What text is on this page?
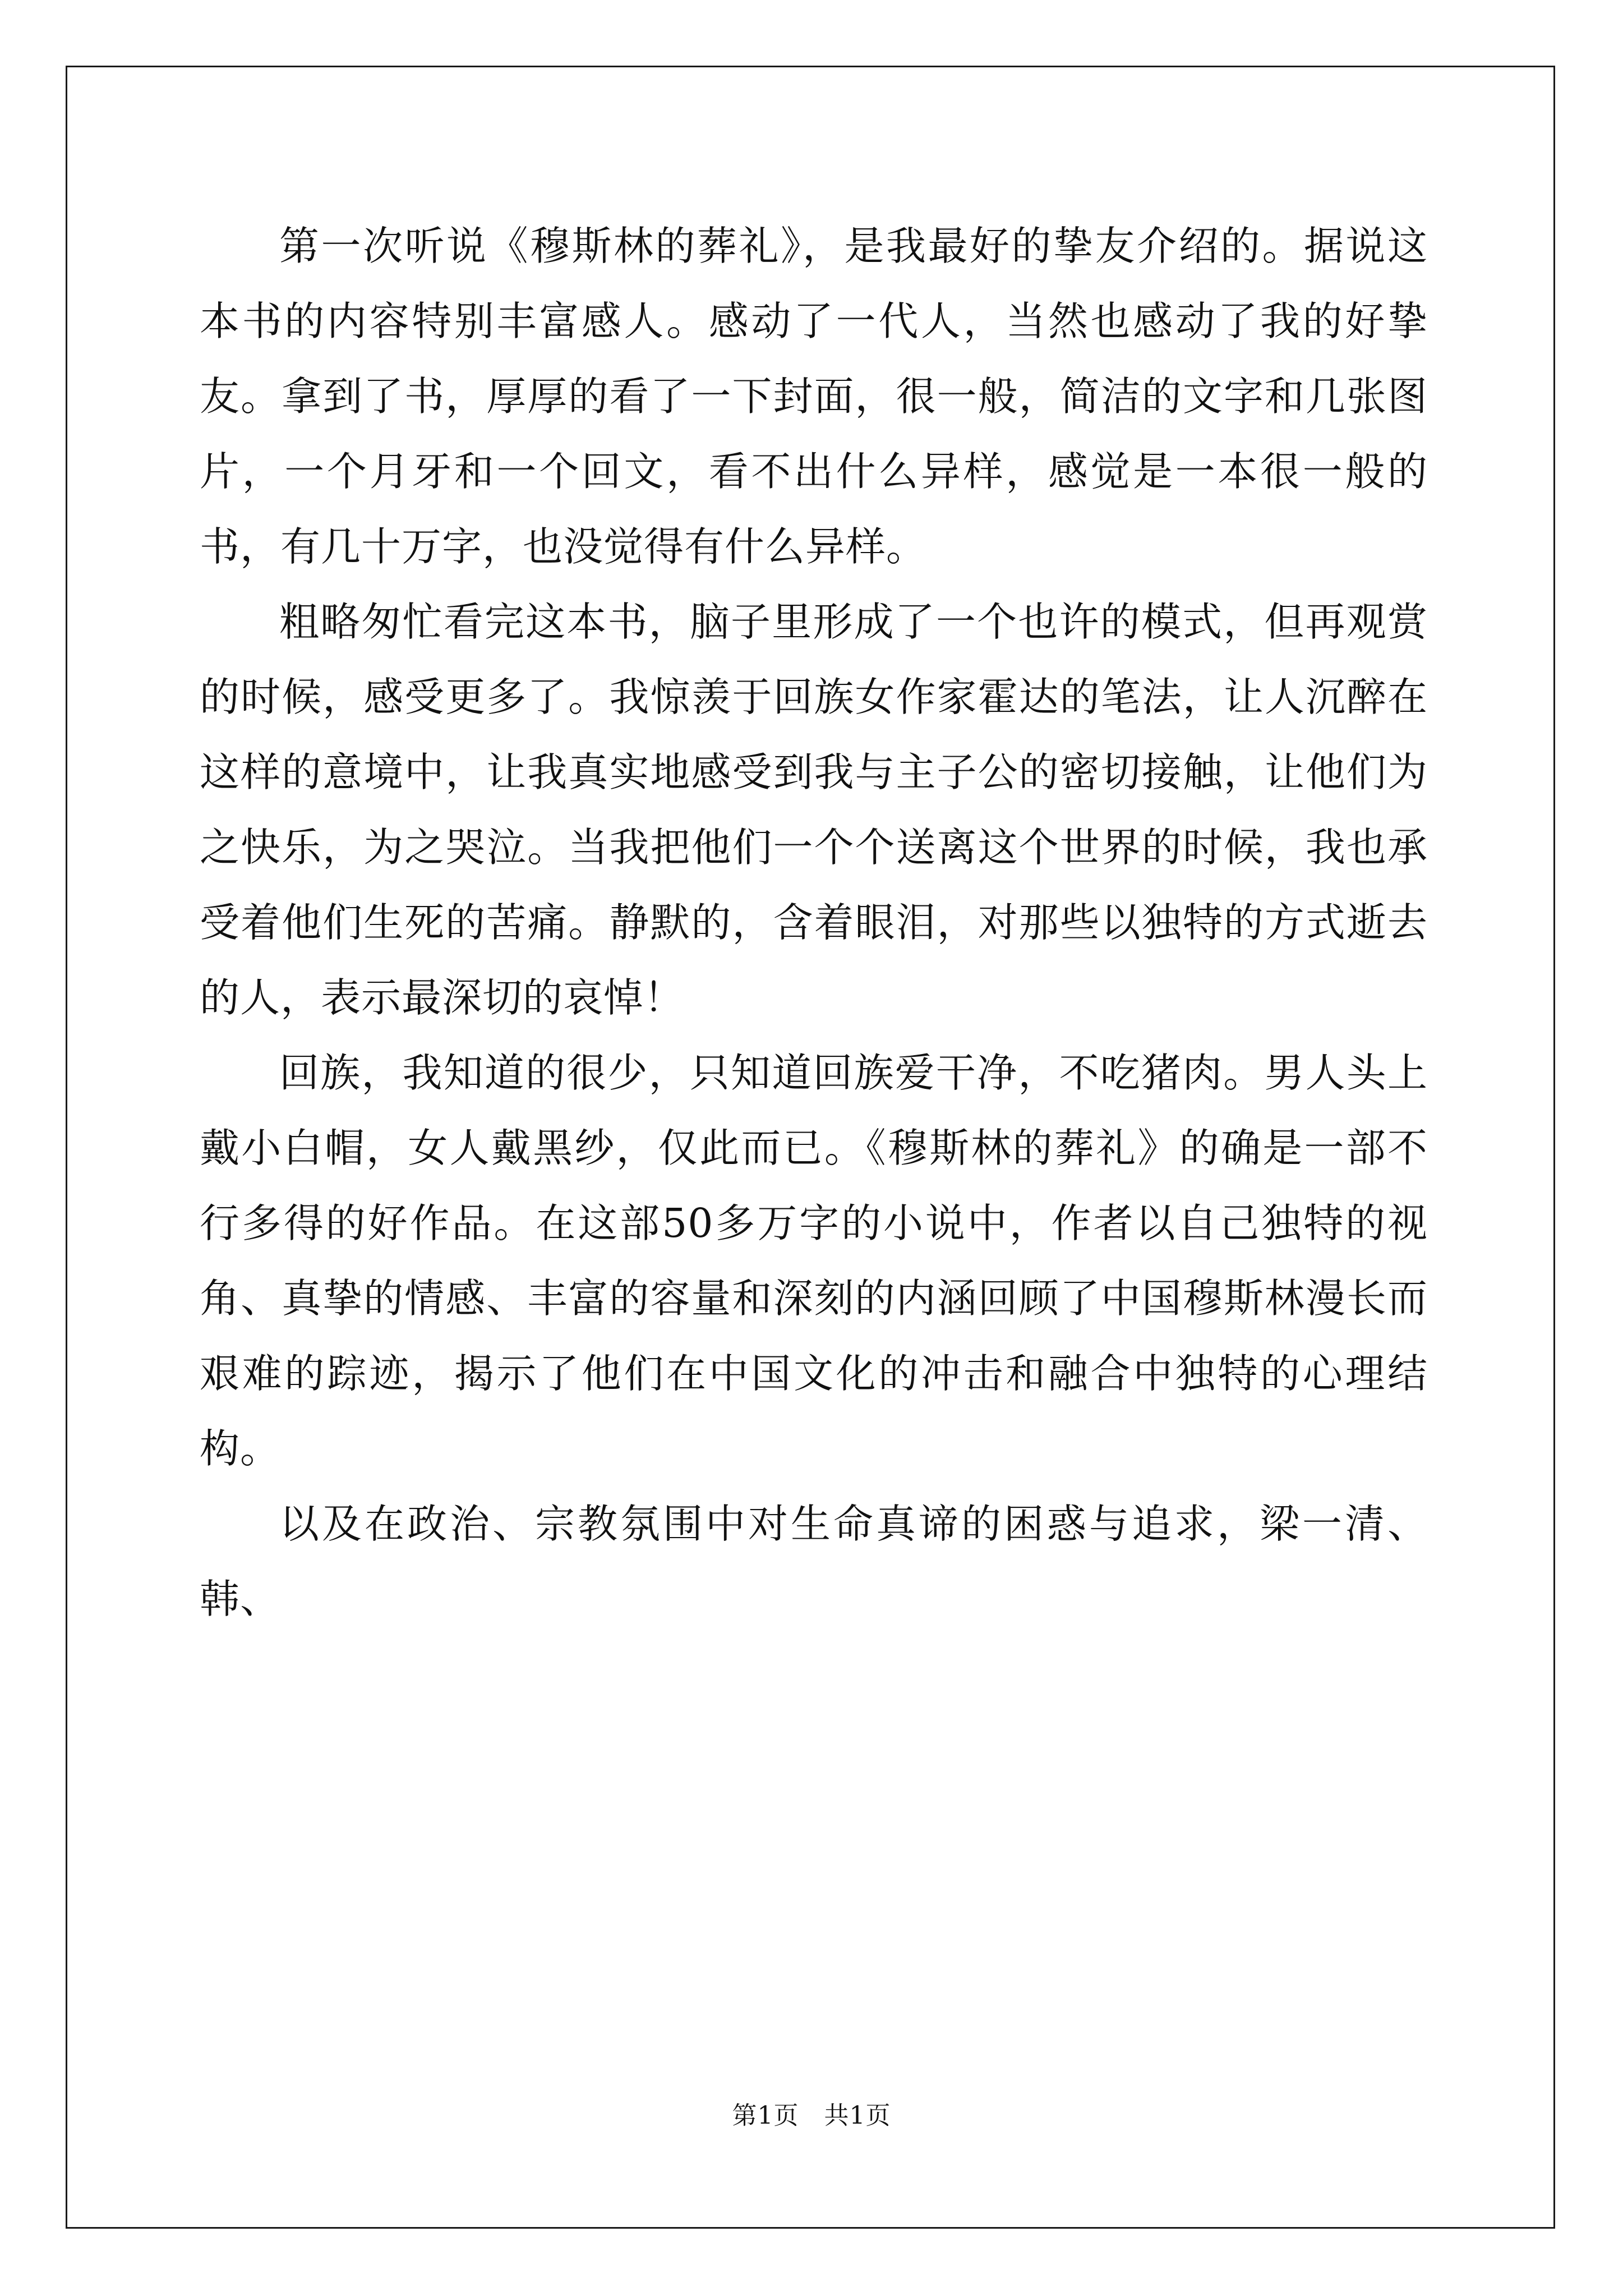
第一次听说《穆斯林的葬礼》，是我最好的挚友介绍的。据说这本书的内容特别丰富感人。感动了一代人，当然也感动了我的好挚友。拿到了书，厚厚的看了一下封面，很一般，简洁的文字和几张图片，一个月牙和一个回文，看不出什么异样，感觉是一本很一般的书，有几十万字，也没觉得有什么异样。

粗略匆忙看完这本书，脑子里形成了一个也许的模式，但再观赏的时候，感受更多了。我惊羡于回族女作家霍达的笔法，让人沉醉在这样的意境中，让我真实地感受到我与主子公的密切接触，让他们为之快乐，为之哭泣。当我把他们一个个送离这个世界的时候，我也承受着他们生死的苦痛。静默的，含着眼泪，对那些以独特的方式逝去的人，表示最深切的哀悼！

回族，我知道的很少，只知道回族爱干净，不吃猪肉。男人头上戴小白帽，女人戴黑纱，仅此而已。《穆斯林的葬礼》的确是一部不行多得的好作品。在这部50多万字的小说中，作者以自己独特的视角、真挚的情感、丰富的容量和深刻的内涵回顾了中国穆斯林漫长而艰难的踪迹，揭示了他们在中国文化的冲击和融合中独特的心理结构。

以及在政治、宗教氛围中对生命真谛的困惑与追求，梁一清、韩、

第1页　共1页
